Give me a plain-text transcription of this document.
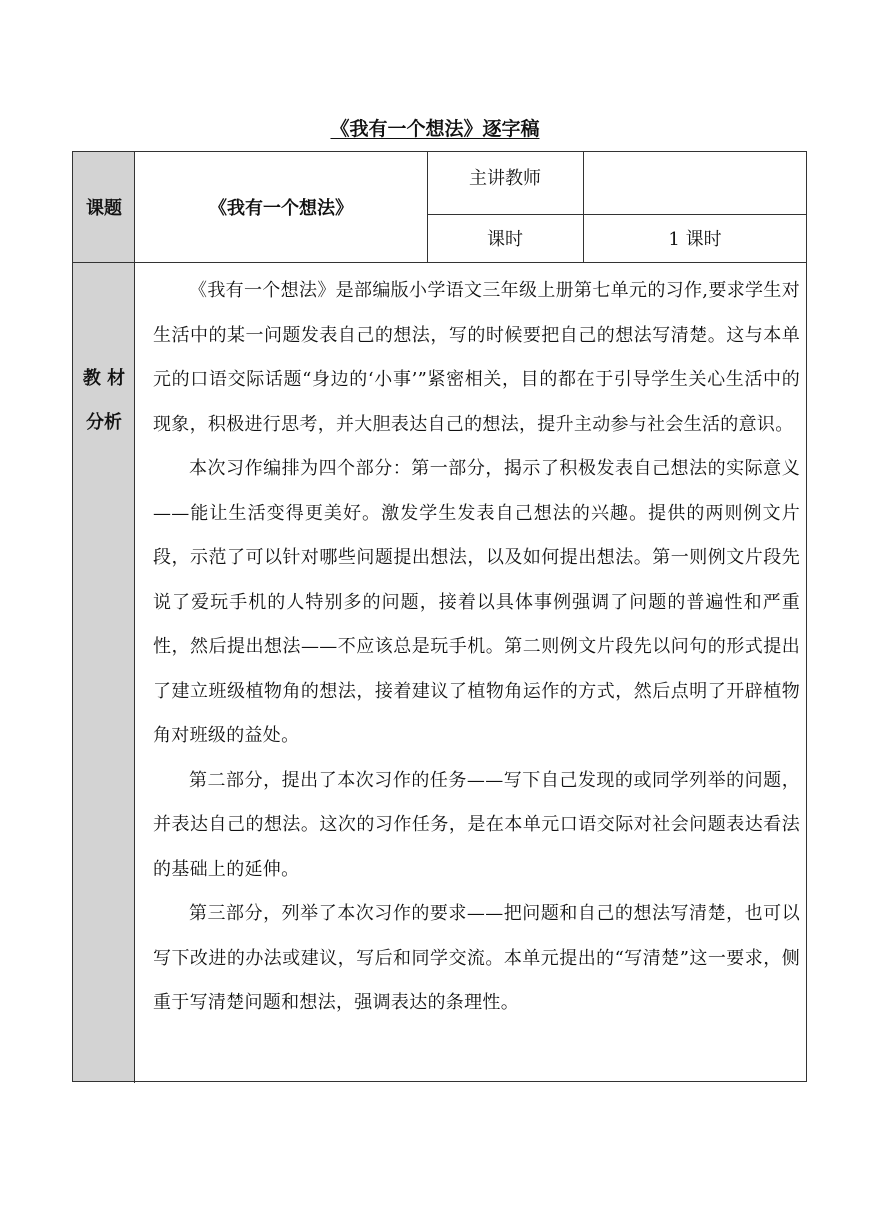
《我有一个想法》逐字稿
课题	《我有一个想法》
主讲教师
课时	1 课时
教 材
分析

《我有一个想法》是部编版小学语文三年级上册第七单元的习作,要求学生对生活中的某一问题发表自己的想法，写的时候要把自己的想法写清楚。这与本单元的口语交际话题“身边的‘小事’”紧密相关，目的都在于引导学生关心生活中的现象，积极进行思考，并大胆表达自己的想法，提升主动参与社会生活的意识。

本次习作编排为四个部分：第一部分，揭示了积极发表自己想法的实际意义——能让生活变得更美好。激发学生发表自己想法的兴趣。提供的两则例文片段，示范了可以针对哪些问题提出想法，以及如何提出想法。第一则例文片段先说了爱玩手机的人特别多的问题，接着以具体事例强调了问题的普遍性和严重性，然后提出想法——不应该总是玩手机。第二则例文片段先以问句的形式提出了建立班级植物角的想法，接着建议了植物角运作的方式，然后点明了开辟植物角对班级的益处。

第二部分，提出了本次习作的任务——写下自己发现的或同学列举的问题，并表达自己的想法。这次的习作任务，是在本单元口语交际对社会问题表达看法的基础上的延伸。

第三部分，列举了本次习作的要求——把问题和自己的想法写清楚，也可以写下改进的办法或建议，写后和同学交流。本单元提出的“写清楚”这一要求，侧重于写清楚问题和想法，强调表达的条理性。
